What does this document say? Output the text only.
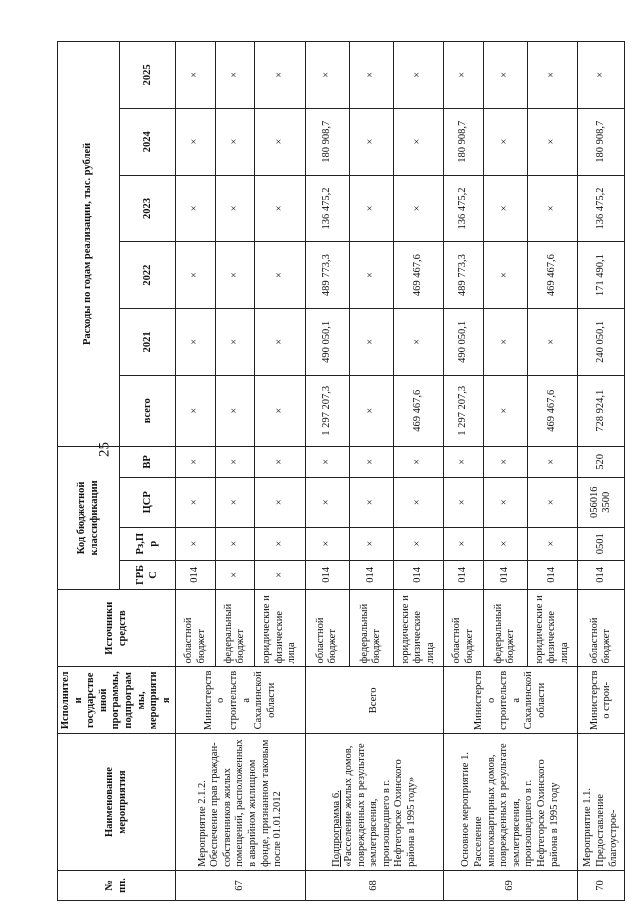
25
№ пп.	Наименование мероприятия	Исполнители государственной программы, подпрограммы, мероприятия	Источники средств	Код бюджетной классификации				Расходы по годам реализации, тыс. рублей					
				ГРБС	Рз,Пр	ЦСР	ВР	всего	2021	2022	2023	2024	2025
67	Мероприятие 2.1.2. Обеспечение прав граждан-собственников жилых помещений, расположенных в аварийном жилищном фонде, признанном таковым после 01.01.2012	Министерство строительства Сахалинской области	областной бюджет	014	×	×	×	×	×	×	×	×	×
			федеральный бюджет	×	×	×	×	×	×	×	×	×	×
			юридические и физические лица	×	×	×	×	×	×	×	×	×	×
68	Подпрограмма 6. «Расселение жилых домов, поврежденных в результате землетрясения, произошедшего в г. Нефтегорске Охинского района в 1995 году»	Всего	областной бюджет	014	×	×	×	1 297 207,3	490 050,1	489 773,3	136 475,2	180 908,7	×
			федеральный бюджет	014	×	×	×	×	×	×	×	×	×
			юридические и физические лица	014	×	×	×	469 467,6	×	469 467,6	×	×	×
69	Основное мероприятие 1. Расселение многоквартирных домов, поврежденных в результате землетрясения, произошедшего в г. Нефтегорске Охинского района в 1995 году	Министерство строительства Сахалинской области	областной бюджет	014	×	×	×	1 297 207,3	490 050,1	489 773,3	136 475,2	180 908,7	×
			федеральный бюджет	014	×	×	×	×	×	×	×	×	×
			юридические и физические лица	014	×	×	×	469 467,6	×	469 467,6	×	×	×
70	Мероприятие 1.1. Предоставление благоустрое-	Министерство строи-	областной бюджет	014	0501	056016 3500	520	728 924,1	240 050,1	171 490,1	136 475,2	180 908,7	×
